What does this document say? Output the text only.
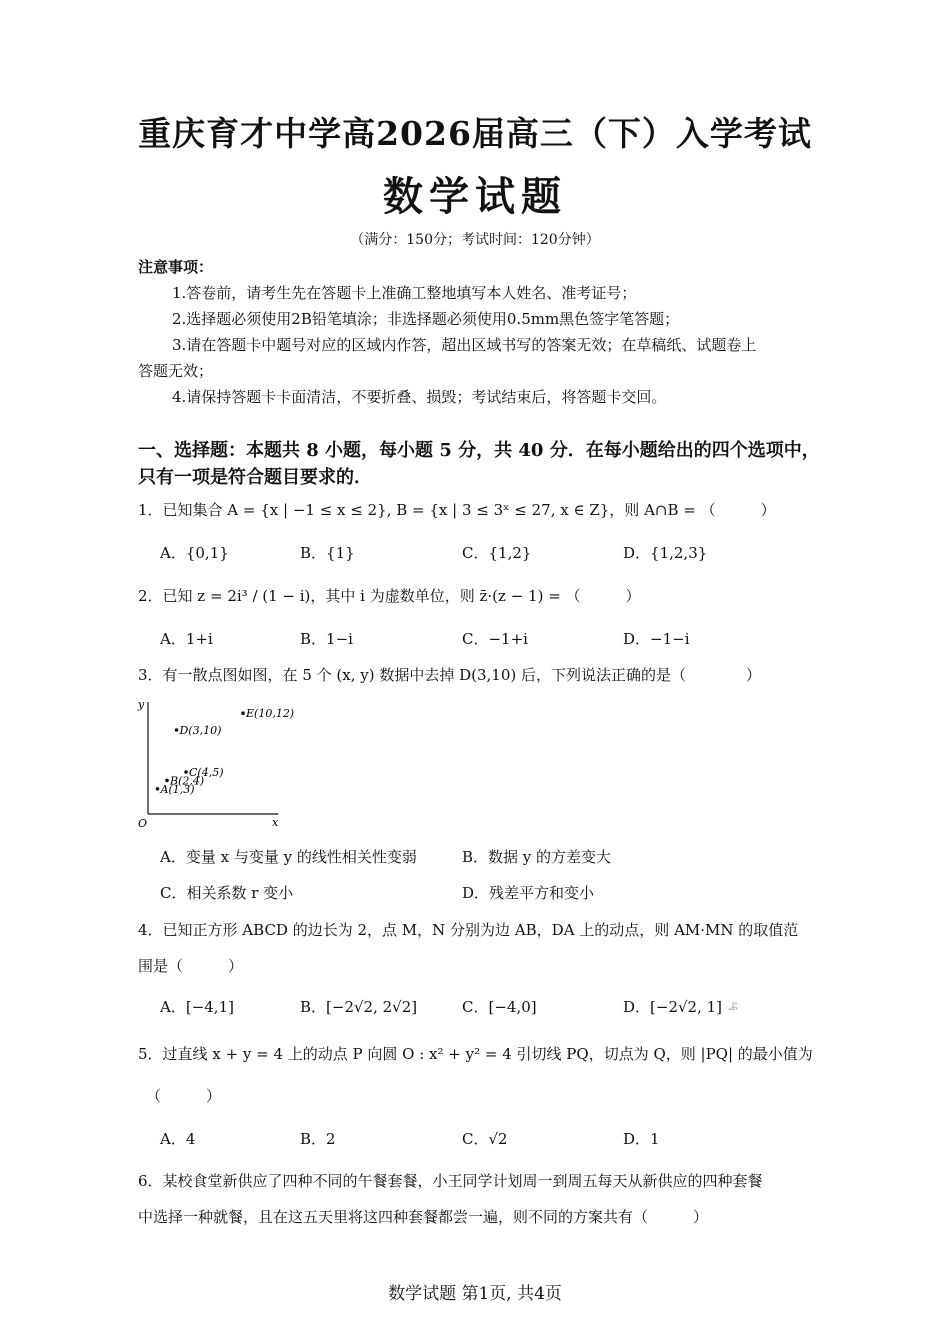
重庆育才中学高2026届高三（下）入学考试
数学试题
（满分：150分；考试时间：120分钟）
注意事项：
1.答卷前，请考生先在答题卡上准确工整地填写本人姓名、准考证号；
2.选择题必须使用2B铅笔填涂；非选择题必须使用0.5mm黑色签字笔答题；
3.请在答题卡中题号对应的区域内作答，超出区域书写的答案无效；在草稿纸、试题卷上
答题无效；
4.请保持答题卡卡面清洁，不要折叠、损毁；考试结束后，将答题卡交回。
一、选择题：本题共 8 小题，每小题 5 分，共 40 分．在每小题给出的四个选项中，
只有一项是符合题目要求的．
1．已知集合 A = {x | −1 ≤ x ≤ 2}, B = {x | 3 ≤ 3ˣ ≤ 27, x ∈ Z}，则 A∩B = （　　　）
A．{0,1}	B．{1}	C．{1,2}	D．{1,2,3}
2．已知 z = 2i³ / (1 − i)，其中 i 为虚数单位，则 z̄·(z − 1) = （　　　）
A．1+i	B．1−i	C．−1+i	D．−1−i
3．有一散点图如图，在 5 个 (x, y) 数据中去掉 D(3,10) 后，下列说法正确的是（　　　　）
O	x
y
A(1,3)
B(2,4)
C(4,5)
D(3,10)
E(10,12)
A．变量 x 与变量 y 的线性相关性变弱	B．数据 y 的方差变大
C．相关系数 r 变小	D．残差平方和变小
4．已知正方形 ABCD 的边长为 2，点 M，N 分别为边 AB，DA 上的动点，则 AM·MN 的取值范
围是（　　　）
A．[−4,1]	B．[−2√2, 2√2]	C．[−4,0]	D．[−2√2, 1] ぷ
5．过直线 x + y = 4 上的动点 P 向圆 O : x² + y² = 4 引切线 PQ，切点为 Q，则 |PQ| 的最小值为
（　　　）
A．4	B．2	C．√2	D．1
6．某校食堂新供应了四种不同的午餐套餐，小王同学计划周一到周五每天从新供应的四种套餐
中选择一种就餐，且在这五天里将这四种套餐都尝一遍，则不同的方案共有（　　　）
数学试题 第1页, 共4页
